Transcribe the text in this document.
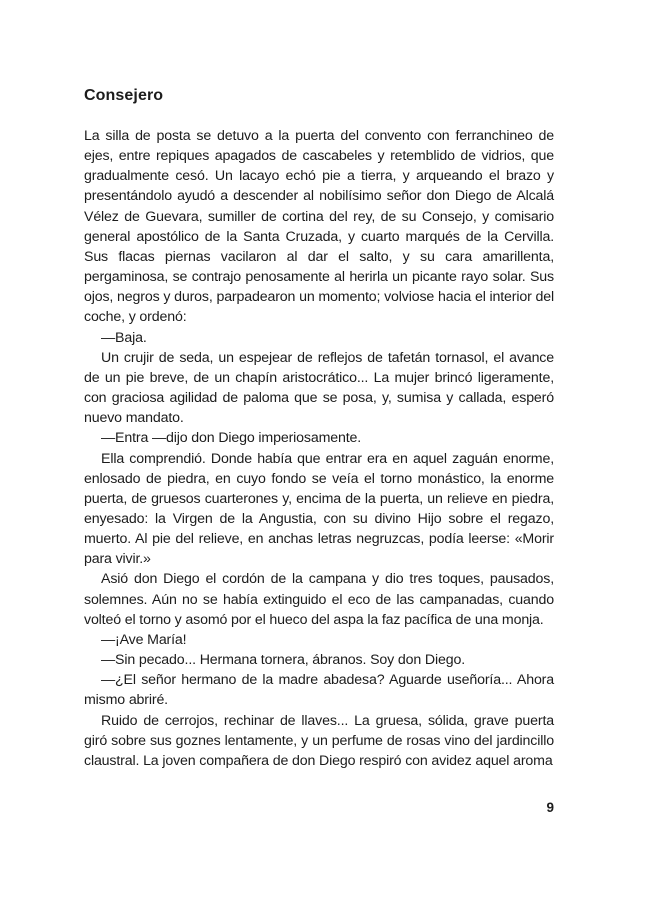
Consejero

La silla de posta se detuvo a la puerta del convento con ferranchineo de ejes, entre repiques apagados de cascabeles y retemblido de vidrios, que gradualmente cesó. Un lacayo echó pie a tierra, y arqueando el brazo y presentándolo ayudó a descender al nobilísimo señor don Diego de Alcalá Vélez de Guevara, sumiller de cortina del rey, de su Consejo, y comisario general apostólico de la Santa Cruzada, y cuarto marqués de la Cervilla. Sus flacas piernas vacilaron al dar el salto, y su cara amarillenta, pergaminosa, se contrajo penosamente al herirla un picante rayo solar. Sus ojos, negros y duros, parpadearon un momento; volviose hacia el interior del coche, y ordenó:

—Baja.

Un crujir de seda, un espejear de reflejos de tafetán tornasol, el avance de un pie breve, de un chapín aristocrático... La mujer brincó ligeramente, con graciosa agilidad de paloma que se posa, y, sumisa y callada, esperó nuevo mandato.

—Entra —dijo don Diego imperiosamente.

Ella comprendió. Donde había que entrar era en aquel zaguán enorme, enlosado de piedra, en cuyo fondo se veía el torno monástico, la enorme puerta, de gruesos cuarterones y, encima de la puerta, un relieve en piedra, enyesado: la Virgen de la Angustia, con su divino Hijo sobre el regazo, muerto. Al pie del relieve, en anchas letras negruzcas, podía leerse: «Morir para vivir.»

Asió don Diego el cordón de la campana y dio tres toques, pausados, solemnes. Aún no se había extinguido el eco de las campanadas, cuando volteó el torno y asomó por el hueco del aspa la faz pacífica de una monja.

—¡Ave María!

—Sin pecado... Hermana tornera, ábranos. Soy don Diego.

—¿El señor hermano de la madre abadesa? Aguarde useñoría... Ahora mismo abriré.

Ruido de cerrojos, rechinar de llaves... La gruesa, sólida, grave puerta giró sobre sus goznes lentamente, y un perfume de rosas vino del jardincillo claustral. La joven compañera de don Diego respiró con avidez aquel aroma

9
